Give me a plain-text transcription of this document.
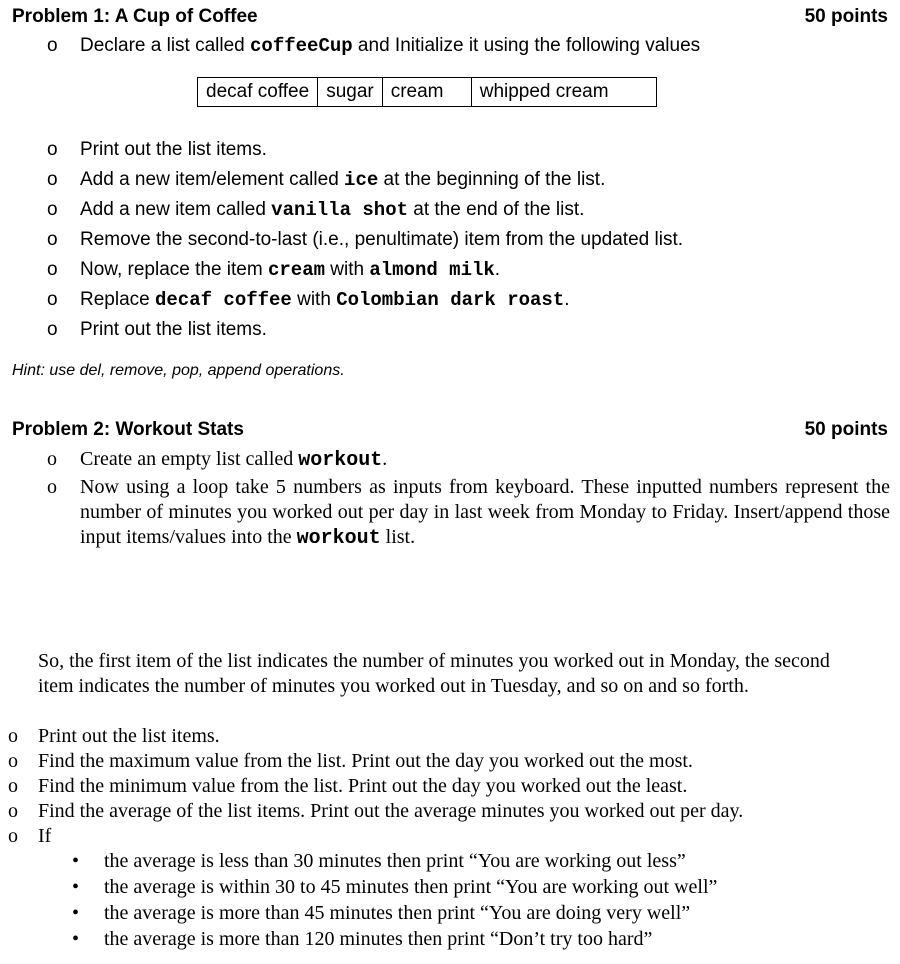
Problem 1: A Cup of Coffee	50 points
o Declare a list called coffeeCup and Initialize it using the following values
decaf coffee	sugar	cream	whipped cream
o Print out the list items.
o Add a new item/element called ice at the beginning of the list.
o Add a new item called vanilla shot at the end of the list.
o Remove the second-to-last (i.e., penultimate) item from the updated list.
o Now, replace the item cream with almond milk.
o Replace decaf coffee with Colombian dark roast.
o Print out the list items.
Hint: use del, remove, pop, append operations.
Problem 2: Workout Stats	50 points
o Create an empty list called workout.
o Now using a loop take 5 numbers as inputs from keyboard. These inputted numbers represent the number of minutes you worked out per day in last week from Monday to Friday. Insert/append those input items/values into the workout list.
So, the first item of the list indicates the number of minutes you worked out in Monday, the second item indicates the number of minutes you worked out in Tuesday, and so on and so forth.
o Print out the list items.
o Find the maximum value from the list. Print out the day you worked out the most.
o Find the minimum value from the list. Print out the day you worked out the least.
o Find the average of the list items. Print out the average minutes you worked out per day.
o If
• the average is less than 30 minutes then print “You are working out less”
• the average is within 30 to 45 minutes then print “You are working out well”
• the average is more than 45 minutes then print “You are doing very well”
• the average is more than 120 minutes then print “Don’t try too hard”
